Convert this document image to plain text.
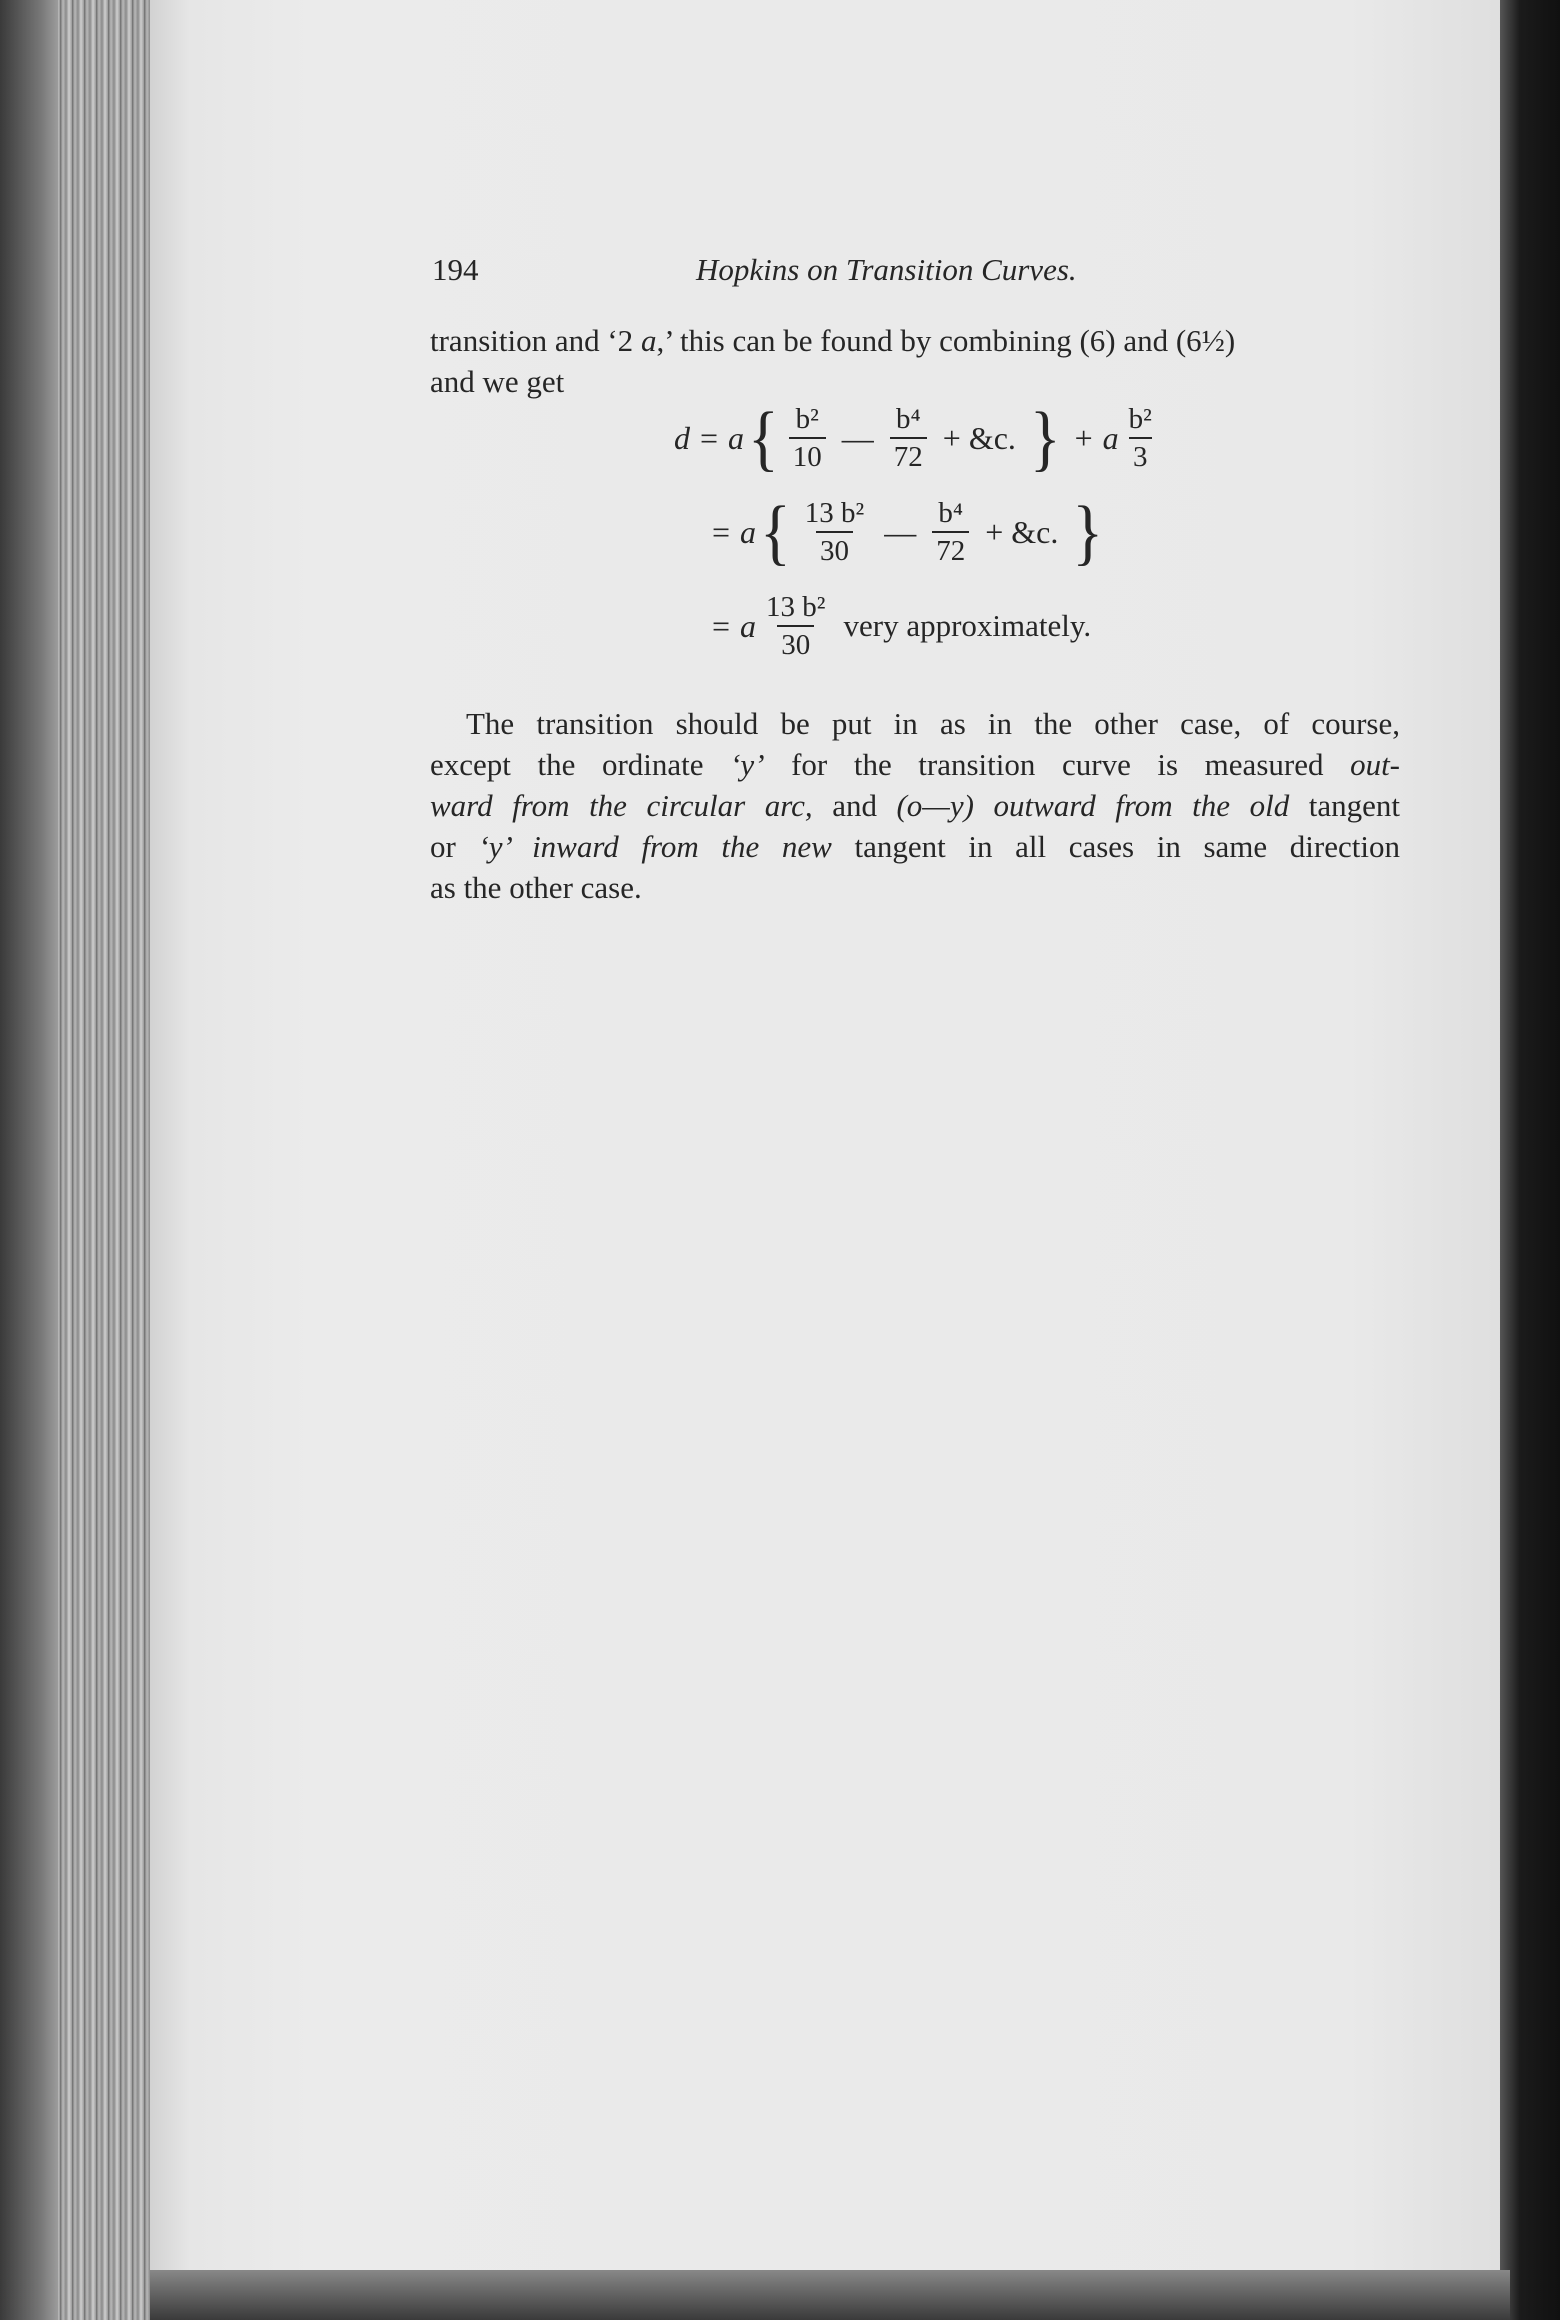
194	Hopkins on Transition Curves.
transition and ‘2 a,’ this can be found by combining (6) and (6½)
and we get
d = a { $\frac{\text{b²}}{10}$ — $\frac{\text{b⁴}}{72}$ + &c. } + a $\frac{\text{b²}}{3}$
= a { $\frac{\text{13 b²}}{30}$ — $\frac{\text{b⁴}}{72}$ + &c. }
= a $\frac{\text{13 b²}}{30}$ very approximately.
The transition should be put in as in the other case, of course,
except the ordinate ‘y’ for the transition curve is measured out-
ward from the circular arc, and (o—y) outward from the old tangent
or ‘y’ inward from the new tangent in all cases in same direction
as the other case.
